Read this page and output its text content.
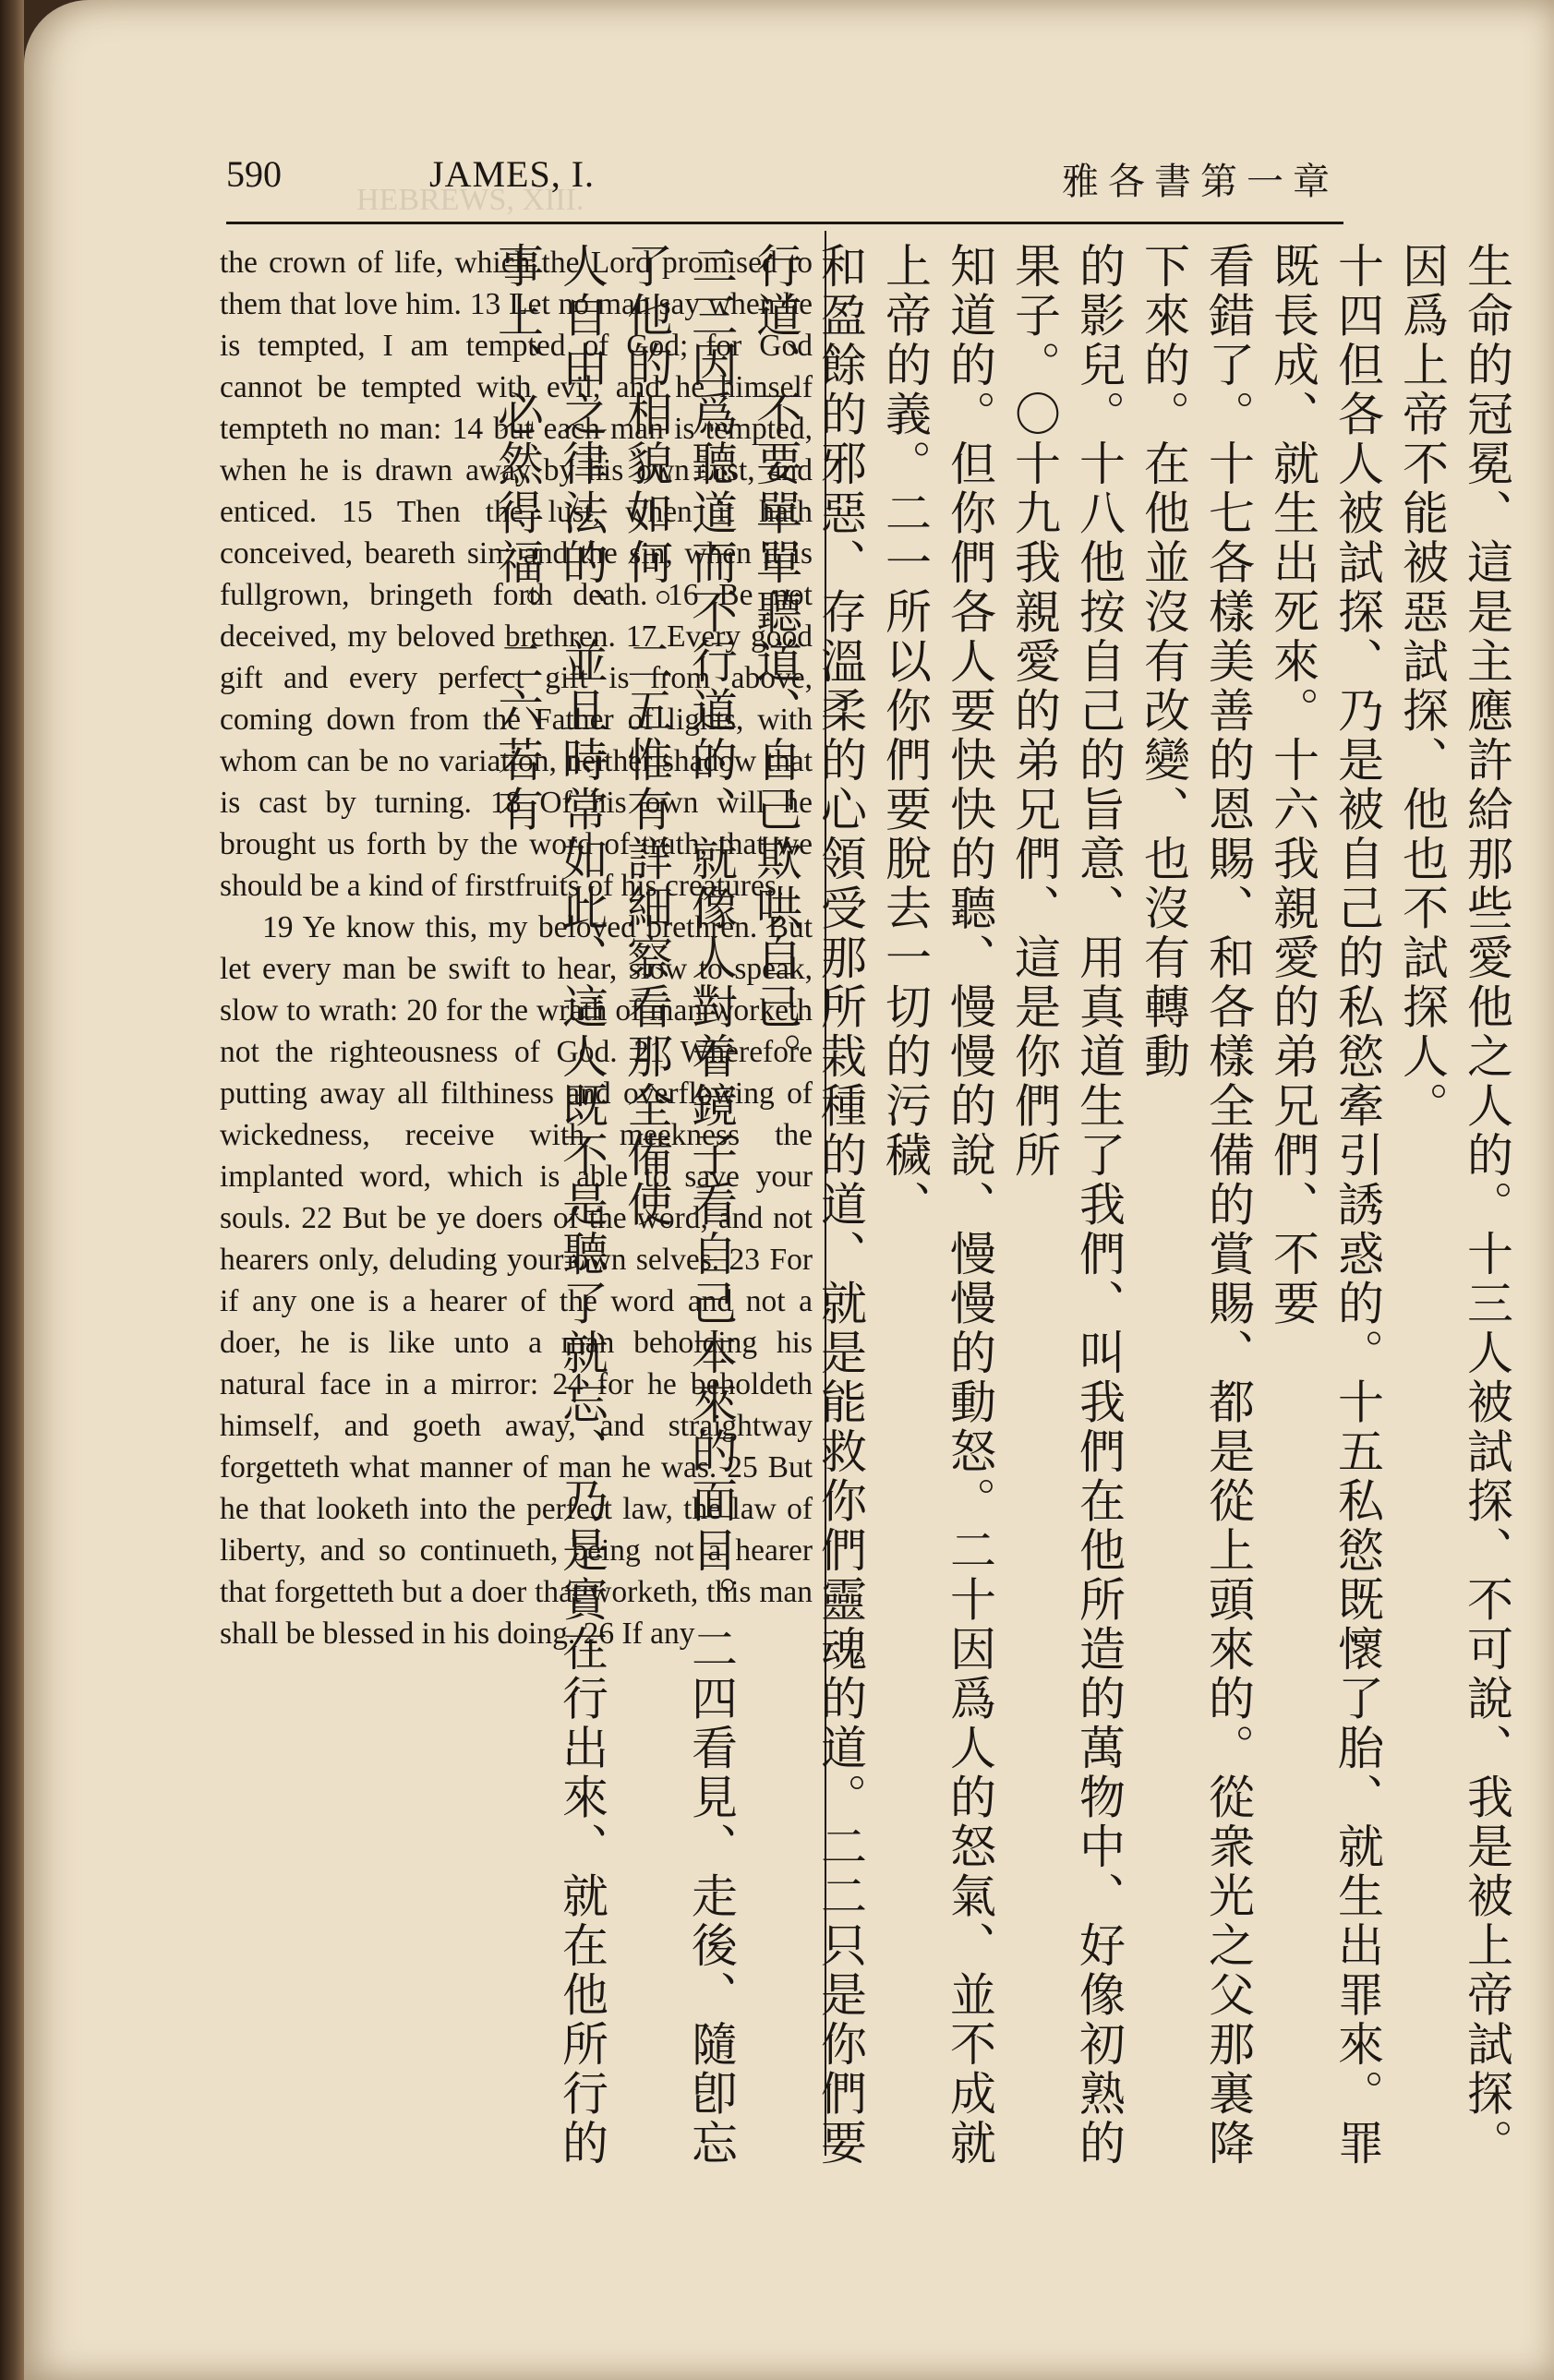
HEBREWS, XIII.
590	JAMES, I.	雅各書第一章

the crown of life, which the Lord promised to them that love him. 13 Let no man say when he is tempted, I am tempted of God; for God cannot be tempted with evil, and he himself tempteth no man: 14 but each man is tempted, when he is drawn away by his own lust, and enticed. 15 Then the lust, when it hath conceived, beareth sin: and the sin, when it is fullgrown, bringeth forth death. 16 Be not deceived, my beloved brethren. 17 Every good gift and every perfect gift is from above, coming down from the Father of lights, with whom can be no variation, neither shadow that is cast by turning. 18 Of his own will he brought us forth by the word of truth, that we should be a kind of firstfruits of his creatures.

19 Ye know this, my beloved brethren. But let every man be swift to hear, slow to speak, slow to wrath: 20 for the wrath of man worketh not the righteousness of God. 21 Wherefore putting away all filthiness and overflowing of wickedness, receive with meekness the implanted word, which is able to save your souls. 22 But be ye doers of the word, and not hearers only, deluding your own selves. 23 For if any one is a hearer of the word and not a doer, he is like unto a man beholding his natural face in a mirror: 24 for he beholdeth himself, and goeth away, and straightway forgetteth what manner of man he was. 25 But he that looketh into the perfect law, the law of liberty, and so continueth, being not a hearer that forgetteth but a doer that worketh, this man shall be blessed in his doing. 26 If any	生命的冠冕、這是主應許給那些愛他之人的。十三人被試探、不可說、我是被上帝試探。因爲上帝不能被惡試探、他也不試探人。
十四但各人被試探、乃是被自己的私慾牽引誘惑的。十五私慾既懷了胎、就生出罪來。罪既長成、就生出死來。十六我親愛的弟兄們、不要
看錯了。十七各樣美善的恩賜、和各樣全備的賞賜、都是從上頭來的。從衆光之父那裏降下來的。在他並沒有改變、也沒有轉動
的影兒。十八他按自己的旨意、用真道生了我們、叫我們在他所造的萬物中、好像初熟的果子。〇十九我親愛的弟兄們、這是你們所
知道的。但你們各人要快快的聽、慢慢的說、慢慢的動怒。二十因爲人的怒氣、並不成就上帝的義。二一所以你們要脫去一切的污穢、
和盈餘的邪惡、存溫柔的心領受那所栽種的道、就是能救你們靈魂的道。二二只是你們要行道、不要單單聽道、自己欺哄自己。
二三因爲聽道而不行道的、就像人對着鏡子看自己本來的面目。二四看見、走後、隨卽忘了他的相貌如何。二五惟有詳細察看那全備使
人自由之律法的、並且時常如此、這人既不是聽了就忘、乃是實在行出來、就在他所行的事上、必然得福。二六若有
